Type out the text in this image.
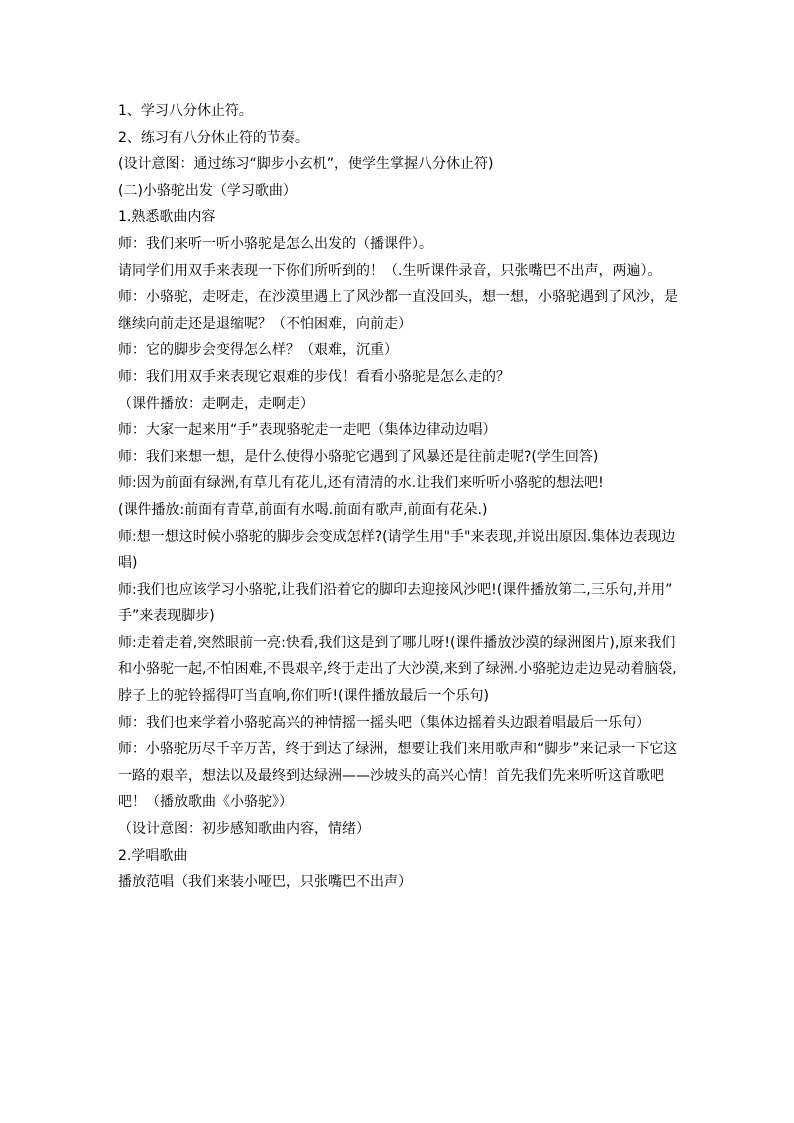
1、学习八分休止符。
2、练习有八分休止符的节奏。
(设计意图：通过练习“脚步小玄机”，使学生掌握八分休止符)
(二)小骆驼出发（学习歌曲）
1.熟悉歌曲内容
师：我们来听一听小骆驼是怎么出发的（播课件）。
请同学们用双手来表现一下你们所听到的！（.生听课件录音，只张嘴巴不出声，两遍）。
师：小骆驼，走呀走，在沙漠里遇上了风沙都一直没回头，想一想，小骆驼遇到了风沙，是
继续向前走还是退缩呢？（不怕困难，向前走）
师：它的脚步会变得怎么样？（艰难，沉重）
师：我们用双手来表现它艰难的步伐！看看小骆驼是怎么走的？
（课件播放：走啊走，走啊走）
师：大家一起来用“手”表现骆驼走一走吧（集体边律动边唱）
师：我们来想一想，是什么使得小骆驼它遇到了风暴还是往前走呢?(学生回答)
师:因为前面有绿洲,有草儿有花儿,还有清清的水.让我们来听听小骆驼的想法吧!
(课件播放:前面有青草,前面有水喝.前面有歌声,前面有花朵.)
师:想一想这时候小骆驼的脚步会变成怎样?(请学生用"手"来表现,并说出原因.集体边表现边
唱)
师:我们也应该学习小骆驼,让我们沿着它的脚印去迎接风沙吧!(课件播放第二,三乐句,并用”
手”来表现脚步)
师:走着走着,突然眼前一亮:快看,我们这是到了哪儿呀!(课件播放沙漠的绿洲图片),原来我们
和小骆驼一起,不怕困难,不畏艰辛,终于走出了大沙漠,来到了绿洲.小骆驼边走边晃动着脑袋,
脖子上的驼铃摇得叮当直响,你们听!(课件播放最后一个乐句)
师：我们也来学着小骆驼高兴的神情摇一摇头吧（集体边摇着头边跟着唱最后一乐句）
师：小骆驼历尽千辛万苦，终于到达了绿洲，想要让我们来用歌声和“脚步”来记录一下它这
一路的艰辛，想法以及最终到达绿洲——沙坡头的高兴心情！首先我们先来听听这首歌吧
吧！（播放歌曲《小骆驼》）
（设计意图：初步感知歌曲内容，情绪）
2.学唱歌曲
播放范唱（我们来装小哑巴，只张嘴巴不出声）
